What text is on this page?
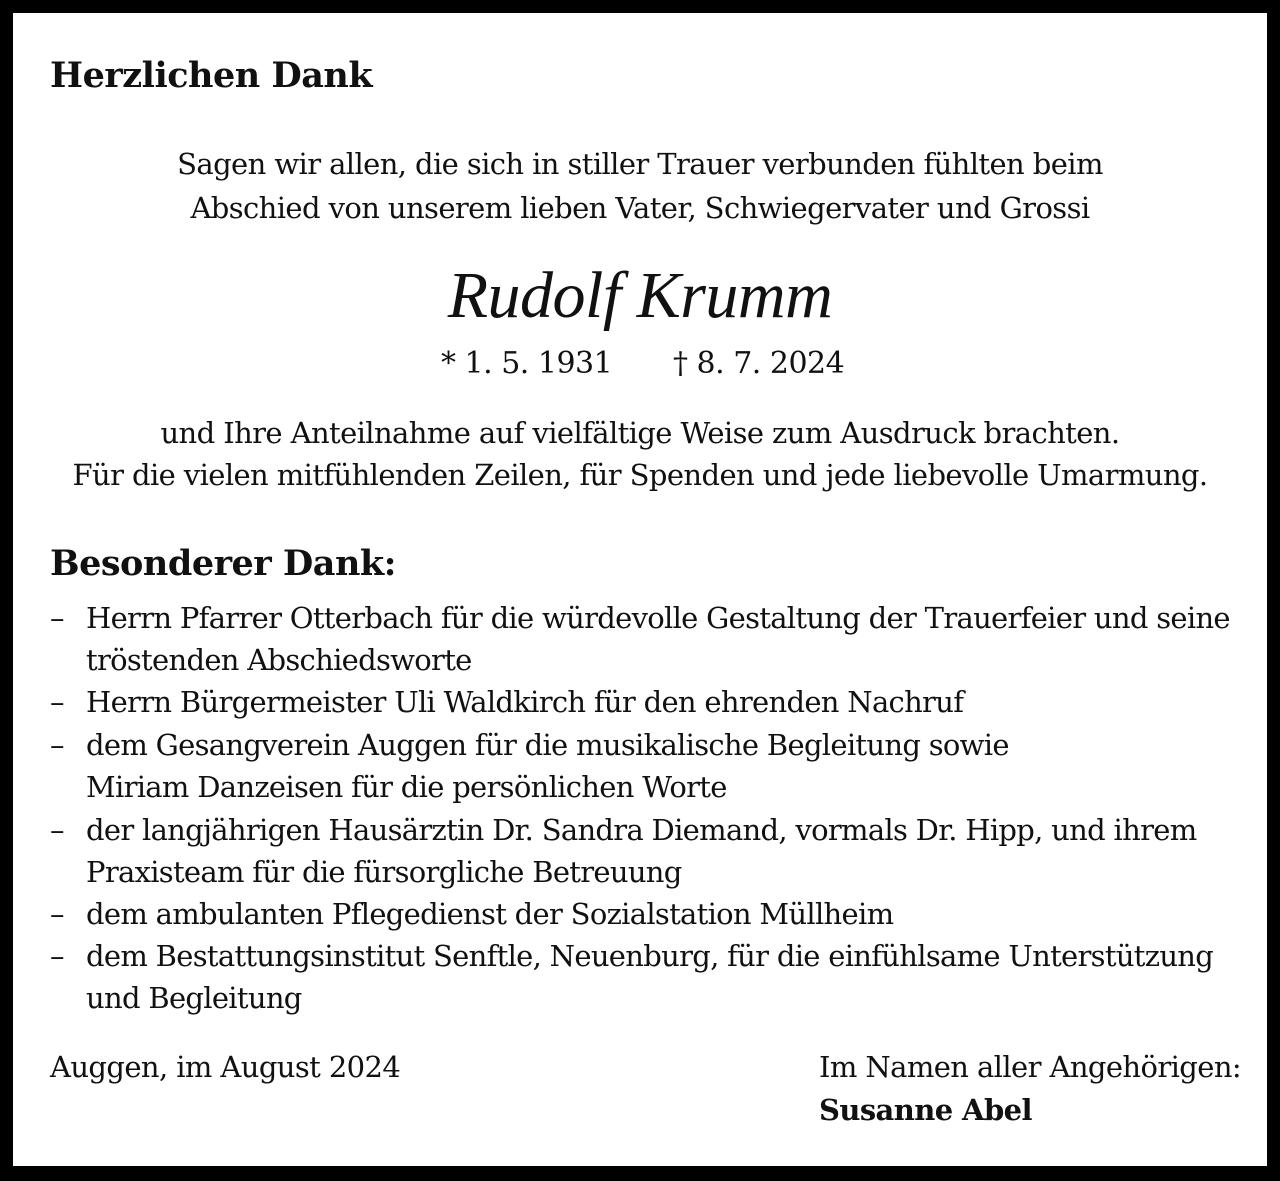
Herzlichen Dank
Sagen wir allen, die sich in stiller Trauer verbunden fühlten beim
Abschied von unserem lieben Vater, Schwiegervater und Grossi
Rudolf Krumm
* 1. 5. 1931 † 8. 7. 2024
und Ihre Anteilnahme auf vielfältige Weise zum Ausdruck brachten.
Für die vielen mitfühlenden Zeilen, für Spenden und jede liebevolle Umarmung.
Besonderer Dank:
– Herrn Pfarrer Otterbach für die würdevolle Gestaltung der Trauerfeier und seine
tröstenden Abschiedsworte
– Herrn Bürgermeister Uli Waldkirch für den ehrenden Nachruf
– dem Gesangverein Auggen für die musikalische Begleitung sowie
Miriam Danzeisen für die persönlichen Worte
– der langjährigen Hausärztin Dr. Sandra Diemand, vormals Dr. Hipp, und ihrem
Praxisteam für die fürsorgliche Betreuung
– dem ambulanten Pflegedienst der Sozialstation Müllheim
– dem Bestattungsinstitut Senftle, Neuenburg, für die einfühlsame Unterstützung
und Begleitung
Auggen, im August 2024	Im Namen aller Angehörigen:
Susanne Abel
